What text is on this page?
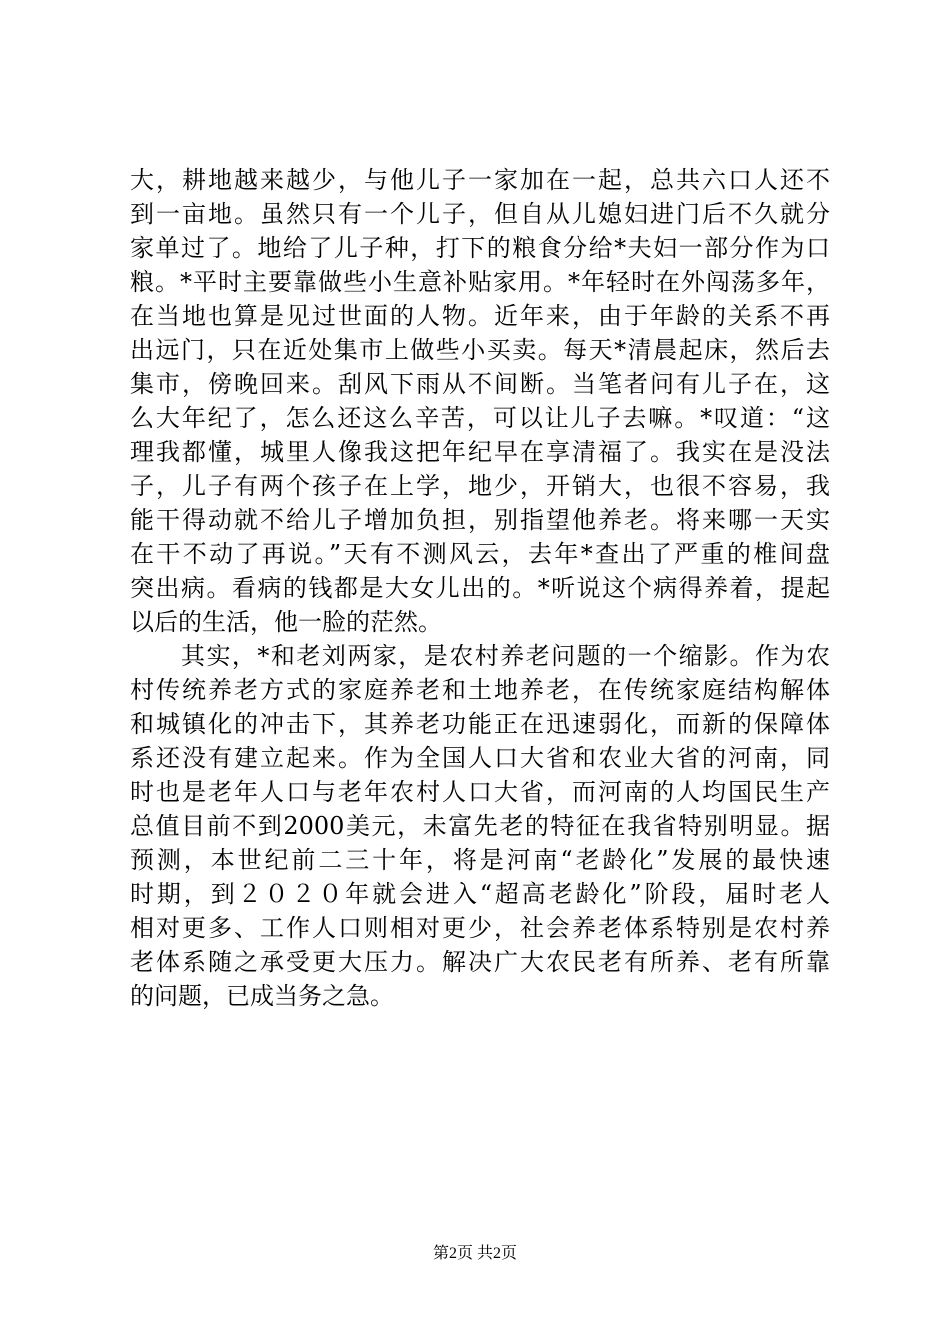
大，耕地越来越少，与他儿子一家加在一起，总共六口人还不
到一亩地。虽然只有一个儿子，但自从儿媳妇进门后不久就分
家单过了。地给了儿子种，打下的粮食分给*夫妇一部分作为口
粮。*平时主要靠做些小生意补贴家用。*年轻时在外闯荡多年，
在当地也算是见过世面的人物。近年来，由于年龄的关系不再
出远门，只在近处集市上做些小买卖。每天*清晨起床，然后去
集市，傍晚回来。刮风下雨从不间断。当笔者问有儿子在，这
么大年纪了，怎么还这么辛苦，可以让儿子去嘛。*叹道：“这
理我都懂，城里人像我这把年纪早在享清福了。我实在是没法
子，儿子有两个孩子在上学，地少，开销大，也很不容易，我
能干得动就不给儿子增加负担，别指望他养老。将来哪一天实
在干不动了再说。”天有不测风云，去年*查出了严重的椎间盘
突出病。看病的钱都是大女儿出的。*听说这个病得养着，提起
以后的生活，他一脸的茫然。
　　其实，*和老刘两家，是农村养老问题的一个缩影。作为农
村传统养老方式的家庭养老和土地养老，在传统家庭结构解体
和城镇化的冲击下，其养老功能正在迅速弱化，而新的保障体
系还没有建立起来。作为全国人口大省和农业大省的河南，同
时也是老年人口与老年农村人口大省，而河南的人均国民生产
总值目前不到2000美元，未富先老的特征在我省特别明显。据
预测，本世纪前二三十年，将是河南“老龄化”发展的最快速
时期，到２０２０年就会进入“超高老龄化”阶段，届时老人
相对更多、工作人口则相对更少，社会养老体系特别是农村养
老体系随之承受更大压力。解决广大农民老有所养、老有所靠
的问题，已成当务之急。
第2页 共2页
